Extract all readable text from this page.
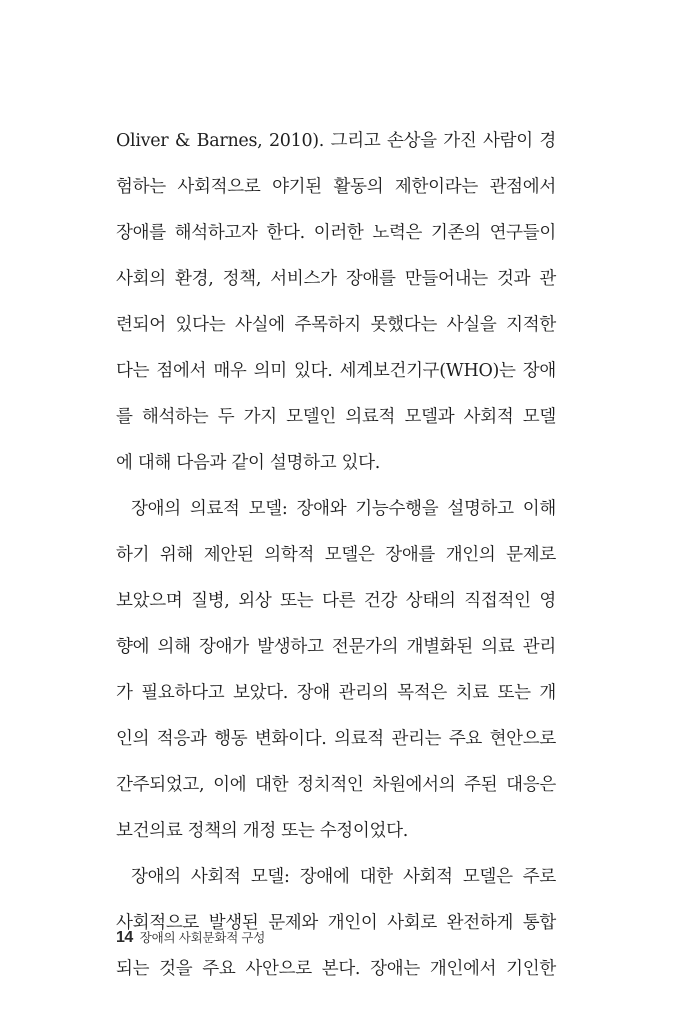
Oliver & Barnes, 2010). 그리고 손상을 가진 사람이 경
험하는 사회적으로 야기된 활동의 제한이라는 관점에서
장애를 해석하고자 한다. 이러한 노력은 기존의 연구들이
사회의 환경, 정책, 서비스가 장애를 만들어내는 것과 관
련되어 있다는 사실에 주목하지 못했다는 사실을 지적한
다는 점에서 매우 의미 있다. 세계보건기구(WHO)는 장애
를 해석하는 두 가지 모델인 의료적 모델과 사회적 모델
에 대해 다음과 같이 설명하고 있다.
장애의 의료적 모델: 장애와 기능수행을 설명하고 이해
하기 위해 제안된 의학적 모델은 장애를 개인의 문제로
보았으며 질병, 외상 또는 다른 건강 상태의 직접적인 영
향에 의해 장애가 발생하고 전문가의 개별화된 의료 관리
가 필요하다고 보았다. 장애 관리의 목적은 치료 또는 개
인의 적응과 행동 변화이다. 의료적 관리는 주요 현안으로
간주되었고, 이에 대한 정치적인 차원에서의 주된 대응은
보건의료 정책의 개정 또는 수정이었다.
장애의 사회적 모델: 장애에 대한 사회적 모델은 주로
사회적으로 발생된 문제와 개인이 사회로 완전하게 통합
되는 것을 주요 사안으로 본다. 장애는 개인에서 기인한
14 장애의 사회문화적 구성
